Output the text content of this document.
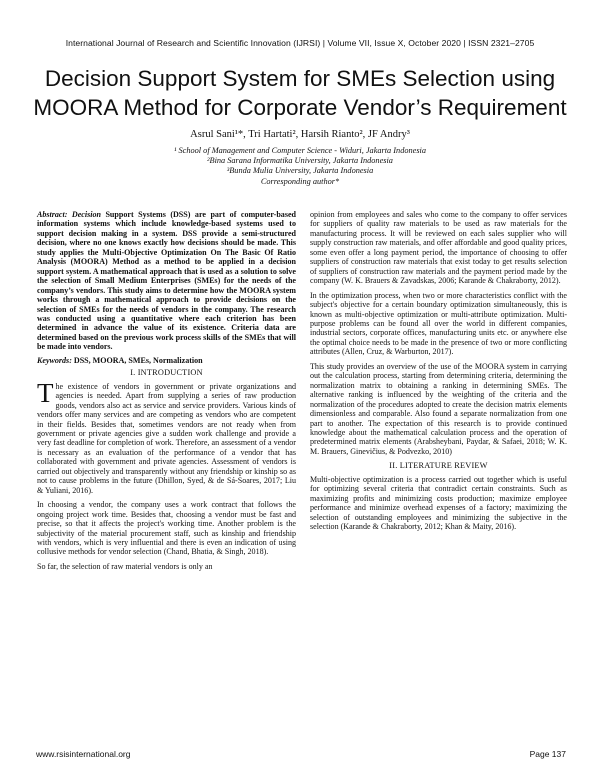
International Journal of Research and Scientific Innovation (IJRSI) | Volume VII, Issue X, October 2020 | ISSN 2321–2705
Decision Support System for SMEs Selection using
MOORA Method for Corporate Vendor’s Requirement
Asrul Sani¹*, Tri Hartati², Harsih Rianto², JF Andry³
¹ School of Management and Computer Science - Widuri, Jakarta Indonesia
²Bina Sarana Informatika University, Jakarta Indonesia
³Bunda Mulia University, Jakarta Indonesia
Corresponding author*

Abstract: Decision Support Systems (DSS) are part of computer-based information systems which include knowledge-based systems used to support decision making in a system. DSS provide a semi-structured decision, where no one knows exactly how decisions should be made. This study applies the Multi-Objective Optimization On The Basic Of Ratio Analysis (MOORA) Method as a method to be applied in a decision support system. A mathematical approach that is used as a solution to solve the selection of Small Medium Enterprises (SMEs) for the needs of the company’s vendors. This study aims to determine how the MOORA system works through a mathematical approach to provide decisions on the selection of SMEs for the needs of vendors in the company. The research was conducted using a quantitative where each criterion has been determined in advance the value of its existence. Criteria data are determined based on the previous work process skills of the SMEs that will be made into vendors.

Keywords: DSS, MOORA, SMEs, Normalization

I. INTRODUCTION

The existence of vendors in government or private organizations and agencies is needed. Apart from supplying a series of raw production goods, vendors also act as service and service providers. Various kinds of vendors offer many services and are competing as vendors who are competent in their fields. Besides that, sometimes vendors are not ready when from government or private agencies give a sudden work challenge and provide a very fast deadline for completion of work. Therefore, an assessment of a vendor is necessary as an evaluation of the performance of a vendor that has collaborated with government and private agencies. Assessment of vendors is carried out objectively and transparently without any friendship or kinship so as not to cause problems in the future (Dhillon, Syed, & de Sá-Soares, 2017; Liu & Yuliani, 2016).

In choosing a vendor, the company uses a work contract that follows the ongoing project work time. Besides that, choosing a vendor must be fast and precise, so that it affects the project's working time. Another problem is the subjectivity of the material procurement staff, such as kinship and friendship with vendors, which is very influential and there is even an indication of using collusive methods for vendor selection (Chand, Bhatia, & Singh, 2018).

So far, the selection of raw material vendors is only an

opinion from employees and sales who come to the company to offer services for suppliers of quality raw materials to be used as raw materials for the manufacturing process. It will be reviewed on each sales supplier who will supply construction raw materials, and offer affordable and good quality prices, some even offer a long payment period, the importance of choosing to offer suppliers of construction raw materials that exist today to get results selection of suppliers of construction raw materials and the payment period made by the company (W. K. Brauers & Zavadskas, 2006; Karande & Chakraborty, 2012).

In the optimization process, when two or more characteristics conflict with the subject's objective for a certain boundary optimization simultaneously, this is known as multi-objective optimization or multi-attribute optimization. Multi-purpose problems can be found all over the world in different companies, industrial sectors, corporate offices, manufacturing units etc. or anywhere else the optimal choice needs to be made in the presence of two or more conflicting attributes (Allen, Cruz, & Warburton, 2017).

This study provides an overview of the use of the MOORA system in carrying out the calculation process, starting from determining criteria, determining the normalization matrix to obtaining a ranking in determining SMEs. The alternative ranking is influenced by the weighting of the criteria and the normalization of the procedures adopted to create the decision matrix elements dimensionless and comparable. Also found a separate normalization from one part to another. The expectation of this research is to provide continued knowledge about the mathematical calculation process and the operation of predetermined matrix elements (Arabsheybani, Paydar, & Safaei, 2018; W. K. M. Brauers, Ginevičius, & Podvezko, 2010)

II. LITERATURE REVIEW

Multi-objective optimization is a process carried out together which is useful for optimizing several criteria that contradict certain constraints. Such as maximizing profits and minimizing costs production; maximize employee performance and minimize overhead expenses of a factory; maximizing the selection of outstanding employees and minimizing the subjective in the selection (Karande & Chakraborty, 2012; Khan & Maity, 2016).

www.rsisinternational.org	Page 137
